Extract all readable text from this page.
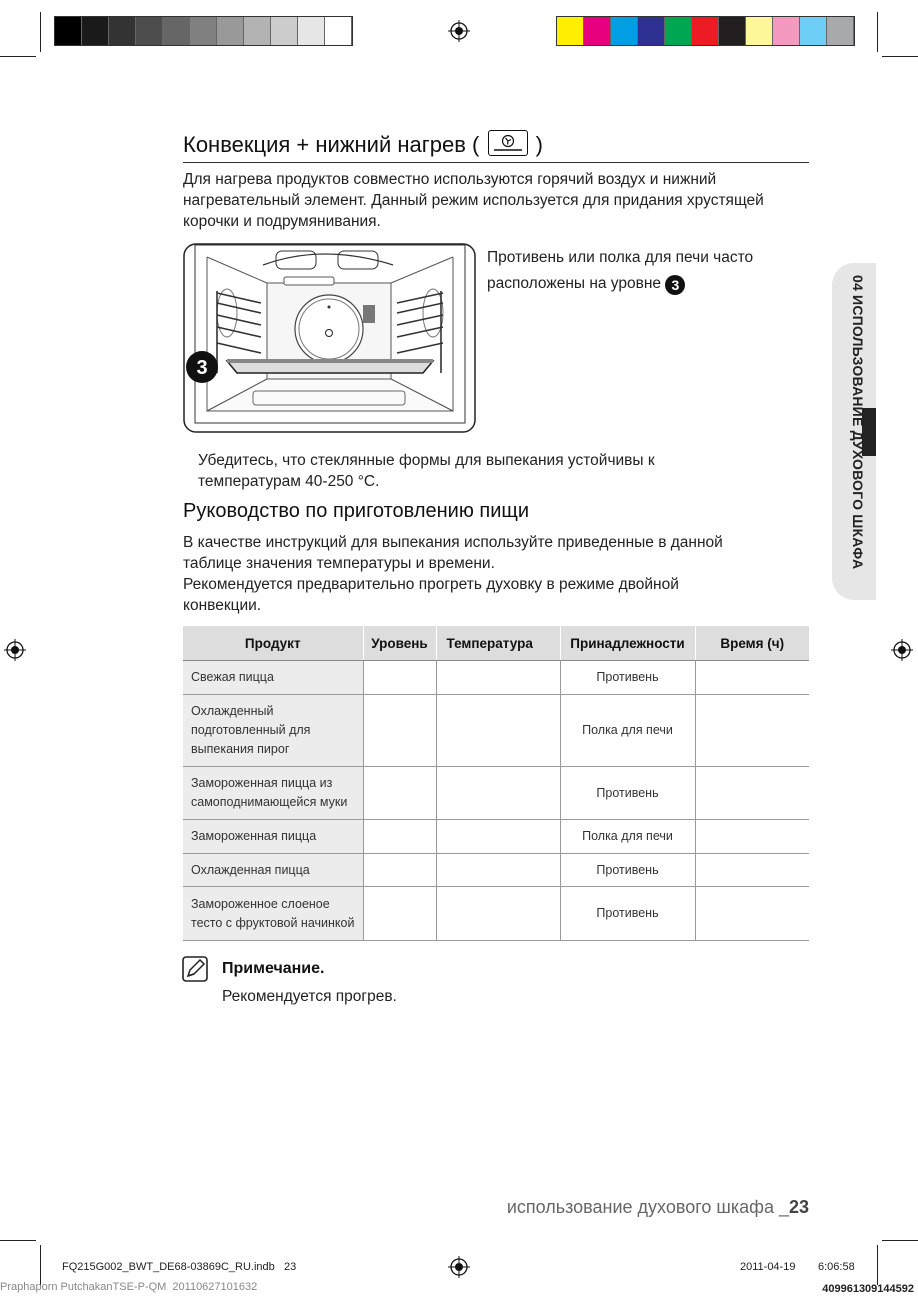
04 ИСПОЛЬЗОВАНИЕ ДУХОВОГО ШКАФА
Конвекция + нижний нагрев (	)
Для нагрева продуктов совместно используются горячий воздух и нижний нагревательный элемент. Данный режим используется для придания хрустящей корочки и подрумянивания.
3
Противень или полка для печи часто
расположены на уровне 3
Убедитесь, что стеклянные формы для выпекания устойчивы к
температурам 40-250 °C.
Руководство по приготовлению пищи
В качестве инструкций для выпекания используйте приведенные в данной
таблице значения температуры и времени.
Рекомендуется предварительно прогреть духовку в режиме двойной
конвекции.
Продукт	Уровень	Температура	Принадлежности	Время (ч)
Свежая пицца			Противень	
Охлажденный подготовленный для выпекания пирог			Полка для печи	
Замороженная пицца из самоподнимающейся муки			Противень	
Замороженная пицца			Полка для печи	
Охлажденная пицца			Противень	
Замороженное слоеное тесто с фруктовой начинкой			Противень	
Примечание.
Рекомендуется прогрев.
использование духового шкафа _23
FQ215G002_BWT_DE68-03869C_RU.indb   23	2011-04-19 6:06:58
Praphaporn PutchakanTSE-P-QM  20110627101632	409961309144592
